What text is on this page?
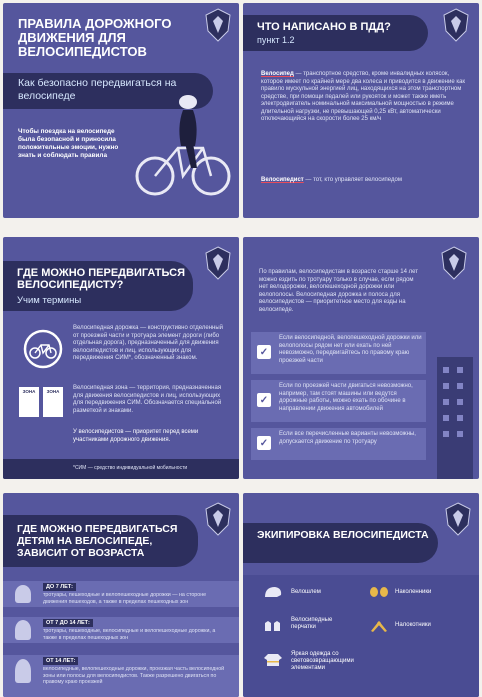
ПРАВИЛА ДОРОЖНОГО ДВИЖЕНИЯ ДЛЯ ВЕЛОСИПЕДИСТОВ
Как безопасно передвигаться на велосипеде
Чтобы поездка на велосипеде была безопасной и приносила положительные эмоции, нужно знать и соблюдать правила
ЧТО НАПИСАНО В ПДД?
пункт 1.2
Велосипед — транспортное средство, кроме инвалидных колясок, которое имеет по крайней мере два колеса и приводится в движение как правило мускульной энергией лиц, находящихся на этом транспортном средстве, при помощи педалей или рукояток и может также иметь электродвигатель номинальной максимальной мощностью в режиме длительной нагрузки, не превышающей 0,25 кВт, автоматически отключающийся на скорости более 25 км/ч
Велосипедист — тот, кто управляет велосипедом
ГДЕ МОЖНО ПЕРЕДВИГАТЬСЯ ВЕЛОСИПЕДИСТУ?
Учим термины
Велосипедная дорожка — конструктивно отделенный от проезжей части и тротуара элемент дороги (либо отдельная дорога), предназначенный для движения велосипедистов и лиц, использующих для передвижения СИМ*, обозначенный знаком.
ЗОНА	ЗОНА
Велосипедная зона — территория, предназначенная для движения велосипедистов и лиц, использующих для передвижения СИМ. Обозначается специальной разметкой и знаками.
У велосипедистов — приоритет перед всеми участниками дорожного движения.
*СИМ — средство индивидуальной мобильности
По правилам, велосипедистам в возрасте старше 14 лет можно ездить по тротуару только в случае, если рядом нет велодорожки, велопешеходной дорожки или велополосы. Велосипедная дорожка и полоса для велосипедистов — приоритетное место для езды на велосипеде.
✓
Если велосипедной, велопешеходной дорожки или велополосы рядом нет или ехать по ней невозможно, передвигайтесь по правому краю проезжей части
✓
Если по проезжей части двигаться невозможно, например, там стоят машины или ведутся дорожные работы, можно ехать по обочине в направлении движения автомобилей
✓
Если все перечисленные варианты невозможны, допускается движение по тротуару
ГДЕ МОЖНО ПЕРЕДВИГАТЬСЯ ДЕТЯМ НА ВЕЛОСИПЕДЕ, ЗАВИСИТ ОТ ВОЗРАСТА
ДО 7 ЛЕТ:
тротуары, пешеходные и велопешеходные дорожки — на стороне движения пешеходов, а также в пределах пешеходных зон
ОТ 7 ДО 14 ЛЕТ:
тротуары, пешеходные, велосипедные и велопешеходные дорожки, а также в пределах пешеходных зон
ОТ 14 ЛЕТ:
велосипедные, велопешеходные дорожки, проезжая часть велосипедной зоны или полосы для велосипедистов. Также разрешено двигаться по правому краю проезжей
ЭКИПИРОВКА ВЕЛОСИПЕДИСТА
Велошлем	Наколенники
Велосипедные перчатки	Налокотники
Яркая одежда со световозвращающими элементами
